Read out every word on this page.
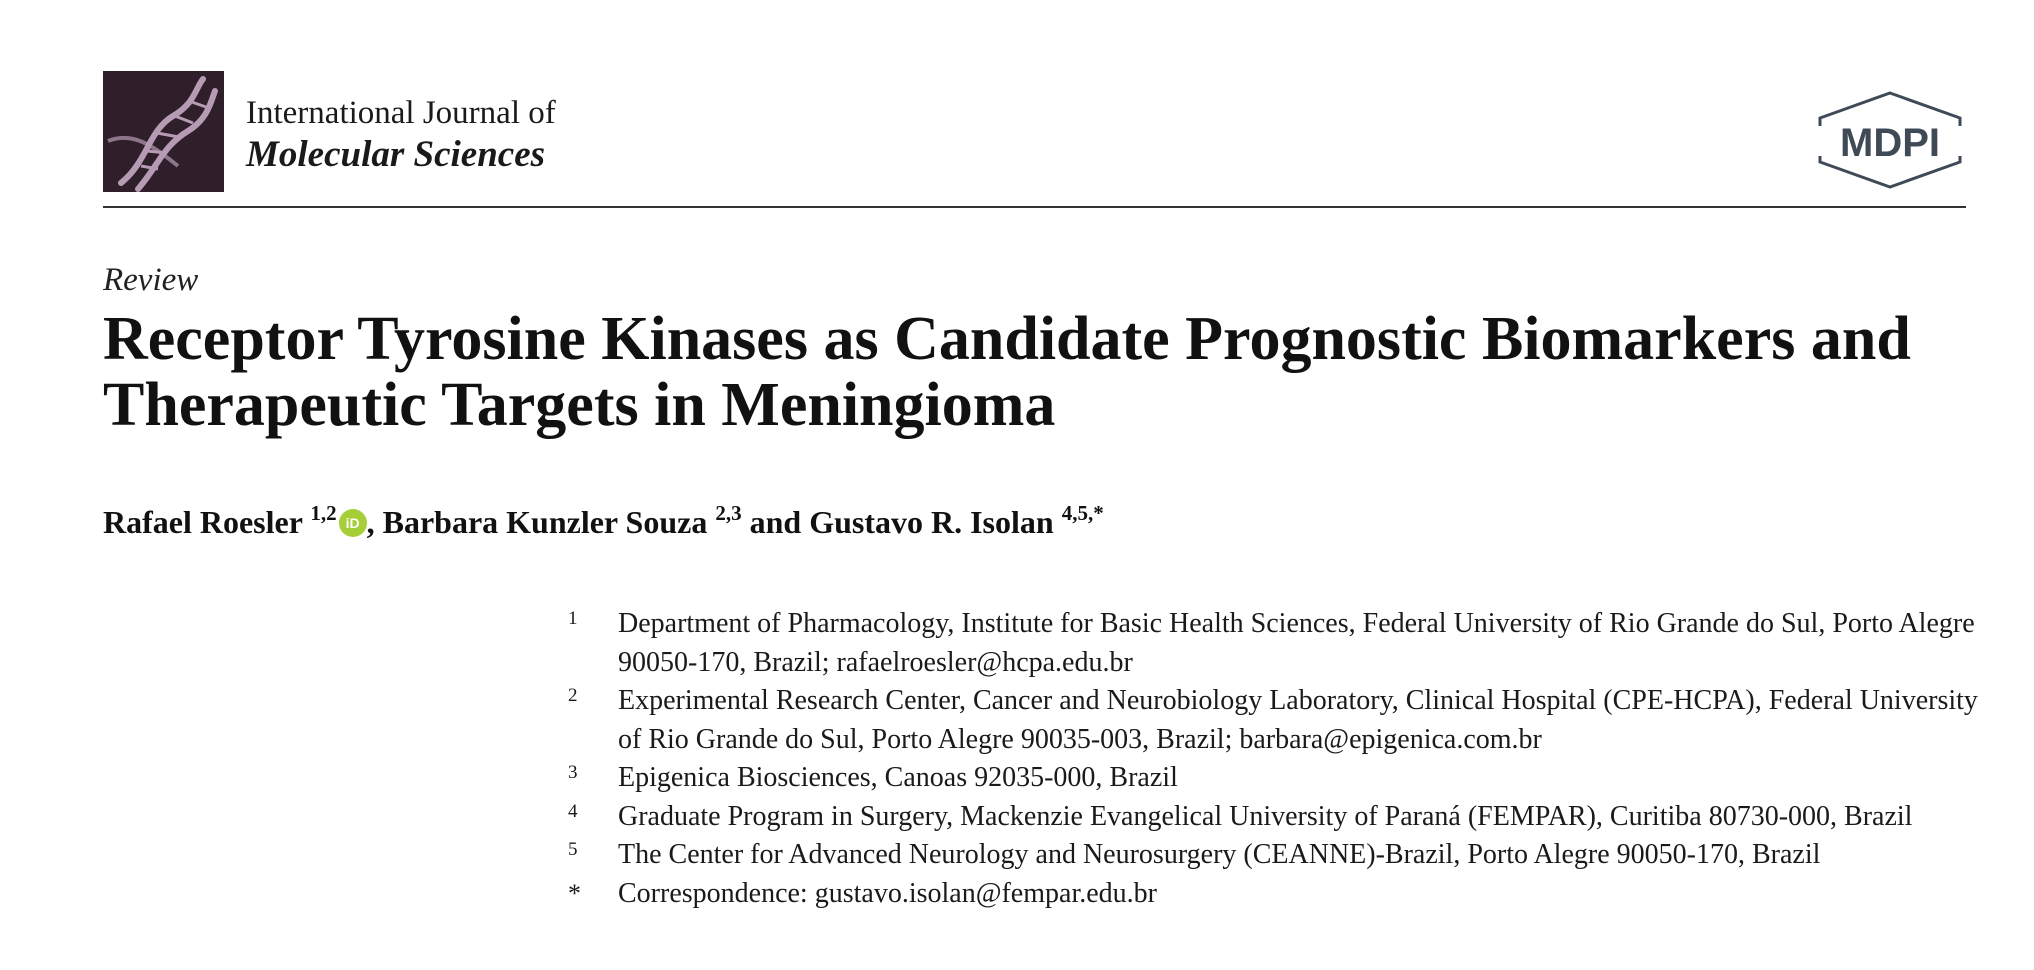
International Journal of
Molecular Sciences	MDPI
Review
Receptor Tyrosine Kinases as Candidate Prognostic Biomarkers and Therapeutic Targets in Meningioma
Rafael Roesler $^{1,2}$ iD , Barbara Kunzler Souza $^{2,3}$ and Gustavo R. Isolan $^{4,5,*}$
1	Department of Pharmacology, Institute for Basic Health Sciences, Federal University of Rio Grande do Sul, Porto Alegre 90050-170, Brazil; rafaelroesler@hcpa.edu.br
2	Experimental Research Center, Cancer and Neurobiology Laboratory, Clinical Hospital (CPE-HCPA), Federal University of Rio Grande do Sul, Porto Alegre 90035-003, Brazil; barbara@epigenica.com.br
3	Epigenica Biosciences, Canoas 92035-000, Brazil
4	Graduate Program in Surgery, Mackenzie Evangelical University of Paraná (FEMPAR), Curitiba 80730-000, Brazil
5	The Center for Advanced Neurology and Neurosurgery (CEANNE)-Brazil, Porto Alegre 90050-170, Brazil
*	Correspondence: gustavo.isolan@fempar.edu.br
